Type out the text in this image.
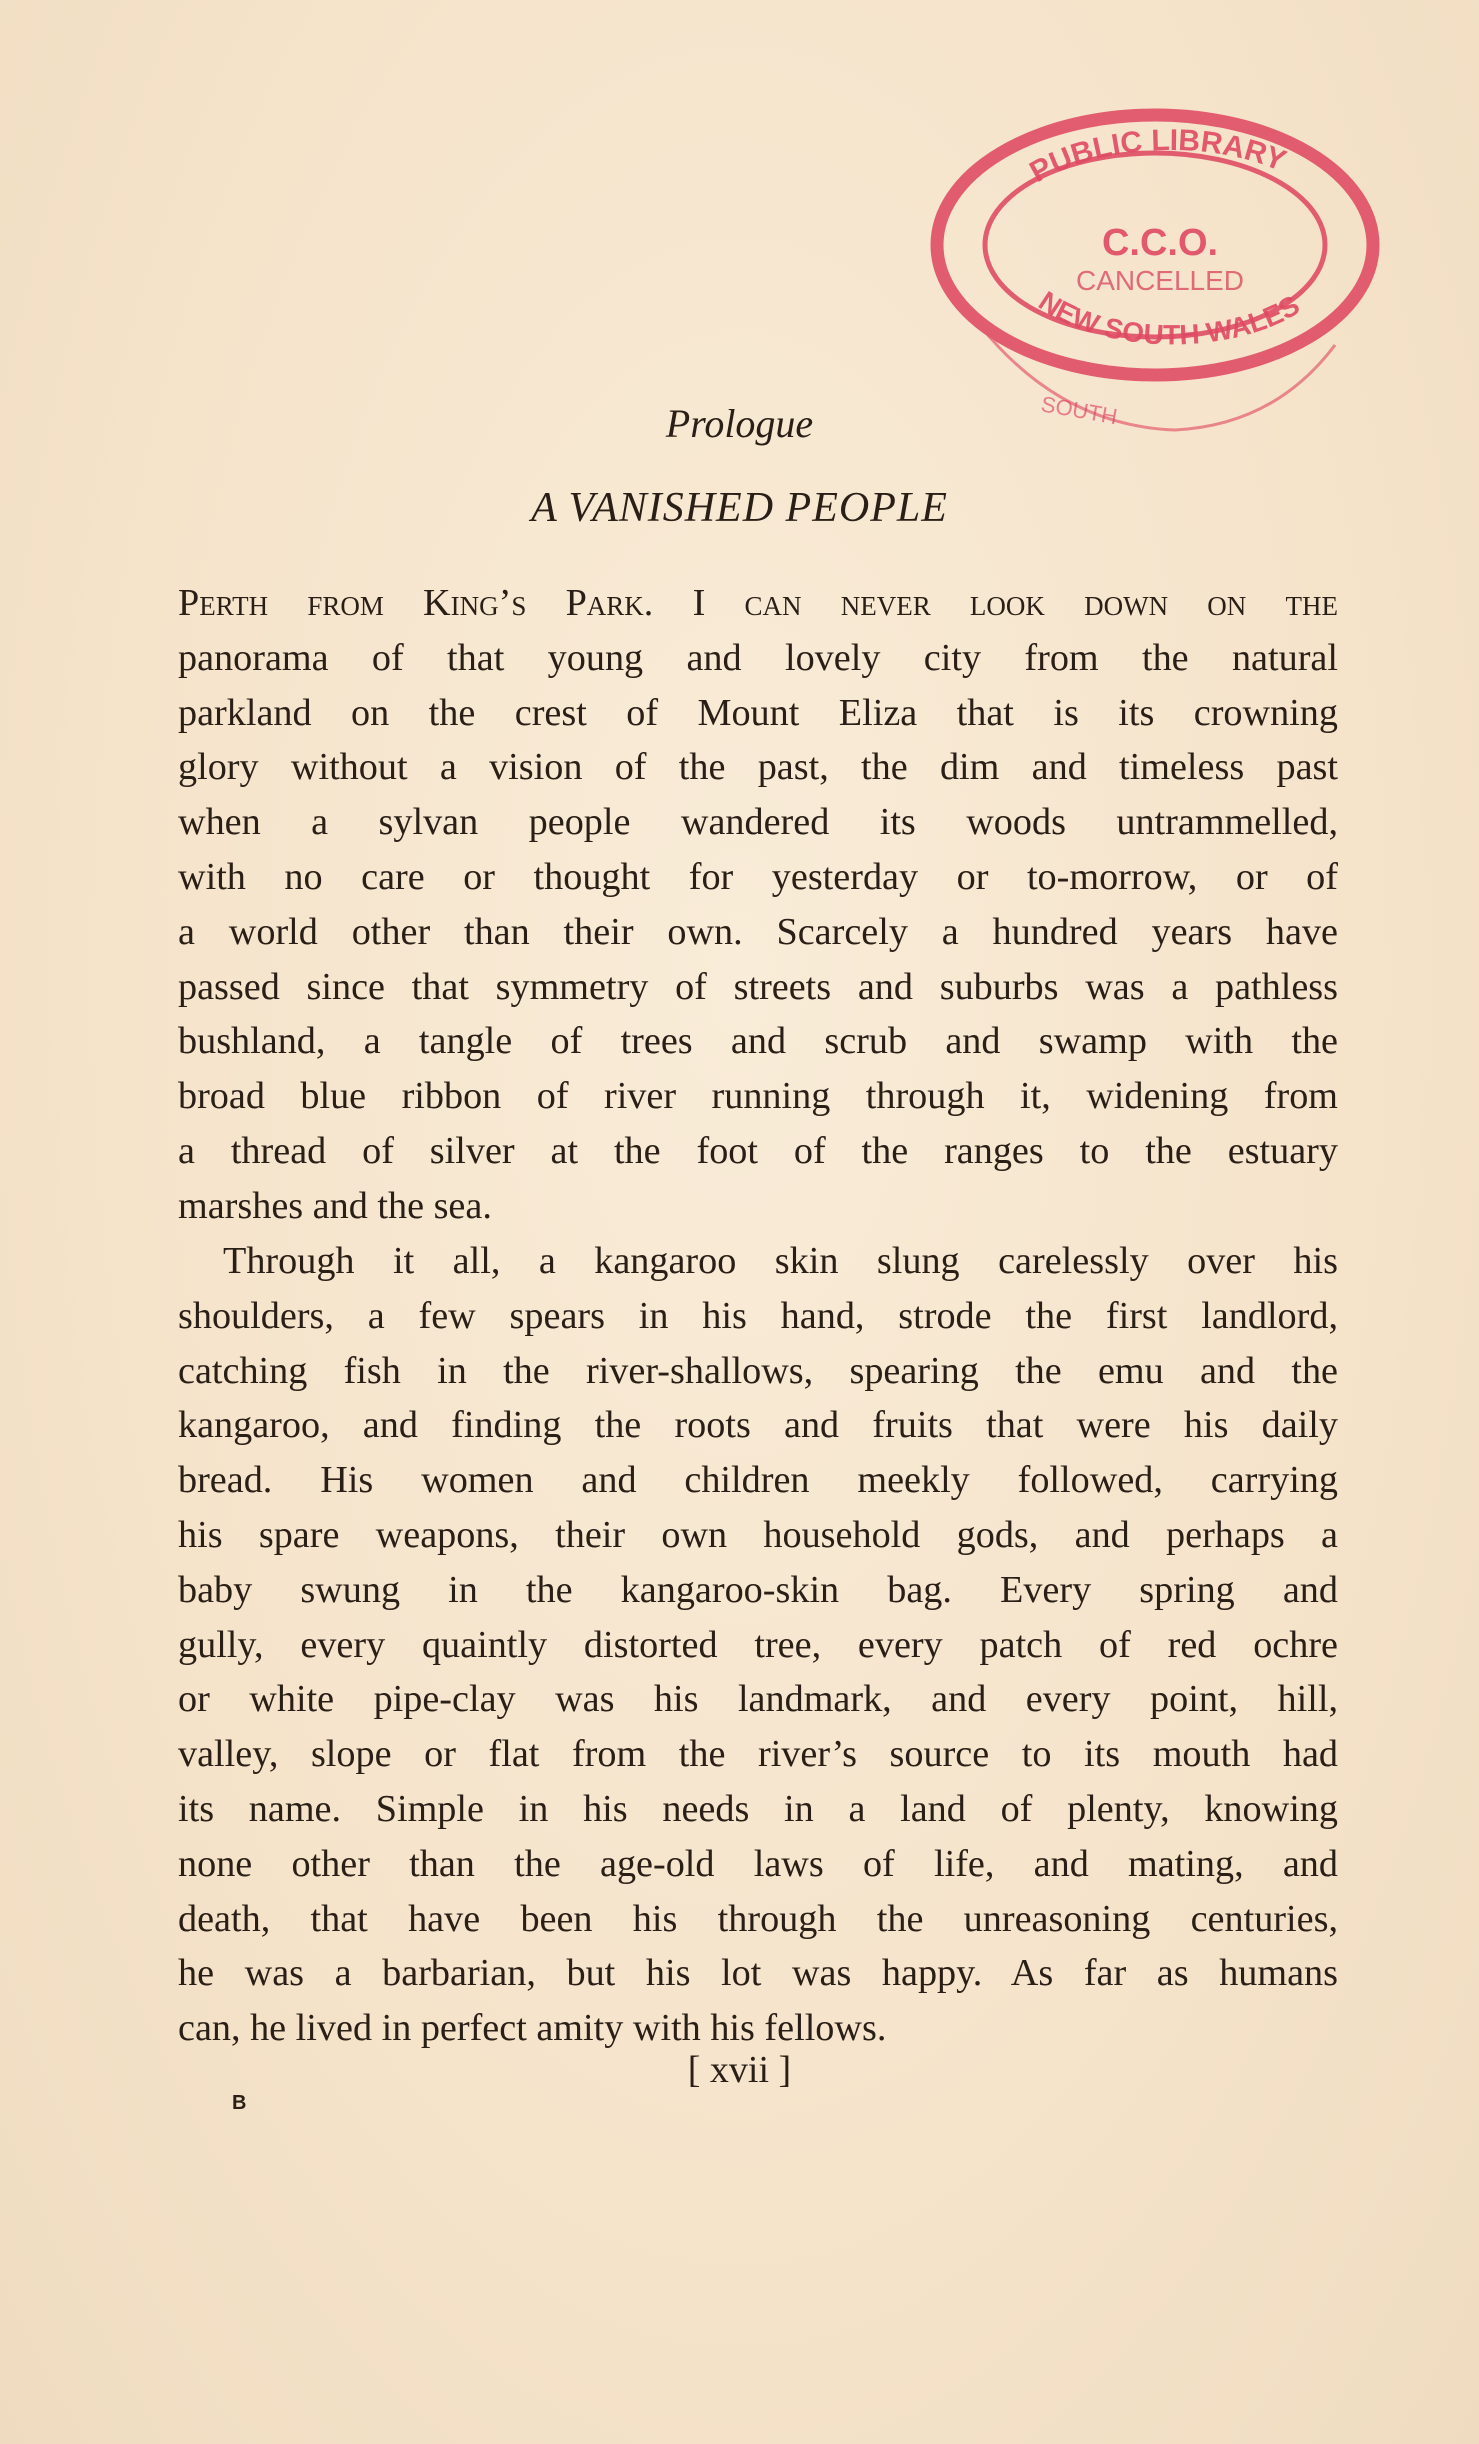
PUBLIC LIBRARY
C.C.O.
CANCELLED
NEW SOUTH WALES
SOUTH
Prologue
A VANISHED PEOPLE
Perth from King’s Park. I can never look down on the
panorama of that young and lovely city from the natural
parkland on the crest of Mount Eliza that is its crowning
glory without a vision of the past, the dim and timeless past
when a sylvan people wandered its woods untrammelled,
with no care or thought for yesterday or to-morrow, or of
a world other than their own. Scarcely a hundred years have
passed since that symmetry of streets and suburbs was a pathless
bushland, a tangle of trees and scrub and swamp with the
broad blue ribbon of river running through it, widening from
a thread of silver at the foot of the ranges to the estuary
marshes and the sea.
Through it all, a kangaroo skin slung carelessly over his
shoulders, a few spears in his hand, strode the first landlord,
catching fish in the river-shallows, spearing the emu and the
kangaroo, and finding the roots and fruits that were his daily
bread. His women and children meekly followed, carrying
his spare weapons, their own household gods, and perhaps a
baby swung in the kangaroo-skin bag. Every spring and
gully, every quaintly distorted tree, every patch of red ochre
or white pipe-clay was his landmark, and every point, hill,
valley, slope or flat from the river’s source to its mouth had
its name. Simple in his needs in a land of plenty, knowing
none other than the age-old laws of life, and mating, and
death, that have been his through the unreasoning centuries,
he was a barbarian, but his lot was happy. As far as humans
can, he lived in perfect amity with his fellows.
[ xvii ]
B
